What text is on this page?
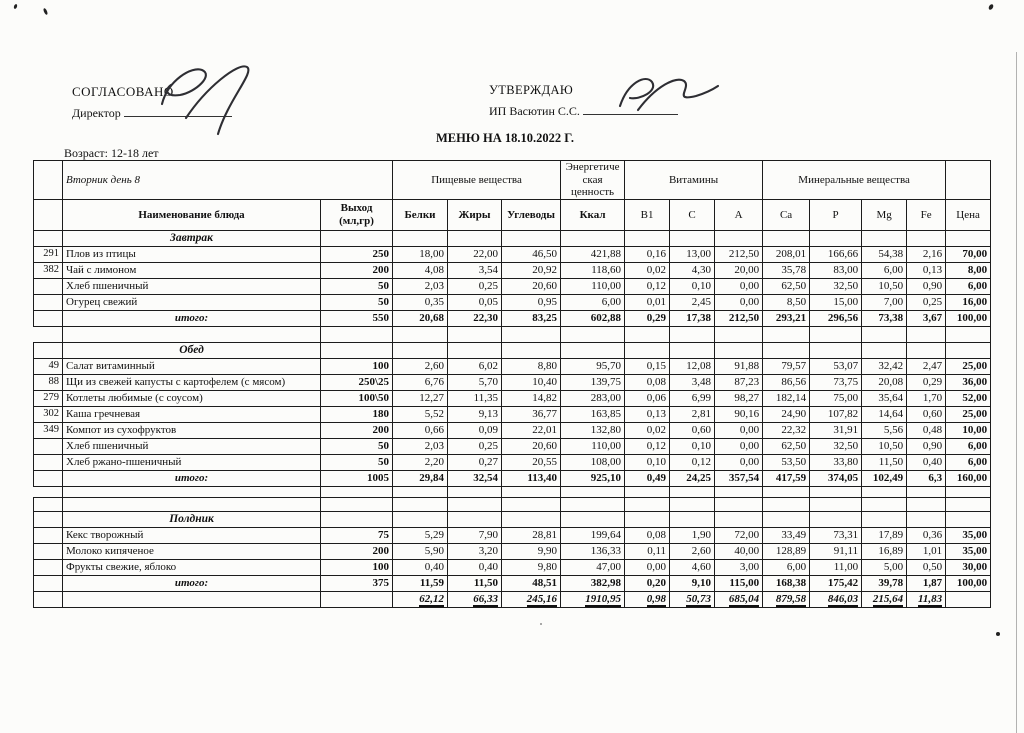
СОГЛАСОВАНО
Директор
УТВЕРЖДАЮ
ИП Васютин С.С.
МЕНЮ НА 18.10.2022 Г.
Возраст: 12-18 лет
	Вторник день 8		Пищевые вещества			Энергетическая ценность	Витамины			Минеральные вещества				
	Наименование блюда	Выход (мл,гр)	Белки	Жиры	Углеводы	Ккал	B1	C	A	Ca	P	Mg	Fe	Цена
	Завтрак													
291	Плов из птицы	250	18,00	22,00	46,50	421,88	0,16	13,00	212,50	208,01	166,66	54,38	2,16	70,00
382	Чай с лимоном	200	4,08	3,54	20,92	118,60	0,02	4,30	20,00	35,78	83,00	6,00	0,13	8,00
	Хлеб пшеничный	50	2,03	0,25	20,60	110,00	0,12	0,10	0,00	62,50	32,50	10,50	0,90	6,00
	Огурец свежий	50	0,35	0,05	0,95	6,00	0,01	2,45	0,00	8,50	15,00	7,00	0,25	16,00
	итого:	550	20,68	22,30	83,25	602,88	0,29	17,38	212,50	293,21	296,56	73,38	3,67	100,00

	Обед													
49	Салат витаминный	100	2,60	6,02	8,80	95,70	0,15	12,08	91,88	79,57	53,07	32,42	2,47	25,00
88	Щи из свежей капусты с картофелем (с мясом)	250\25	6,76	5,70	10,40	139,75	0,08	3,48	87,23	86,56	73,75	20,08	0,29	36,00
279	Котлеты любимые (с соусом)	100\50	12,27	11,35	14,82	283,00	0,06	6,99	98,27	182,14	75,00	35,64	1,70	52,00
302	Каша гречневая	180	5,52	9,13	36,77	163,85	0,13	2,81	90,16	24,90	107,82	14,64	0,60	25,00
349	Компот из сухофруктов	200	0,66	0,09	22,01	132,80	0,02	0,60	0,00	22,32	31,91	5,56	0,48	10,00
	Хлеб пшеничный	50	2,03	0,25	20,60	110,00	0,12	0,10	0,00	62,50	32,50	10,50	0,90	6,00
	Хлеб ржано-пшеничный	50	2,20	0,27	20,55	108,00	0,10	0,12	0,00	53,50	33,80	11,50	0,40	6,00
	итого:	1005	29,84	32,54	113,40	925,10	0,49	24,25	357,54	417,59	374,05	102,49	6,3	160,00

	Полдник													
	Кекс творожный	75	5,29	7,90	28,81	199,64	0,08	1,90	72,00	33,49	73,31	17,89	0,36	35,00
	Молоко кипяченое	200	5,90	3,20	9,90	136,33	0,11	2,60	40,00	128,89	91,11	16,89	1,01	35,00
	Фрукты свежие, яблоко	100	0,40	0,40	9,80	47,00	0,00	4,60	3,00	6,00	11,00	5,00	0,50	30,00
	итого:	375	11,59	11,50	48,51	382,98	0,20	9,10	115,00	168,38	175,42	39,78	1,87	100,00
			62,12	66,33	245,16	1910,95	0,98	50,73	685,04	879,58	846,03	215,64	11,83	
